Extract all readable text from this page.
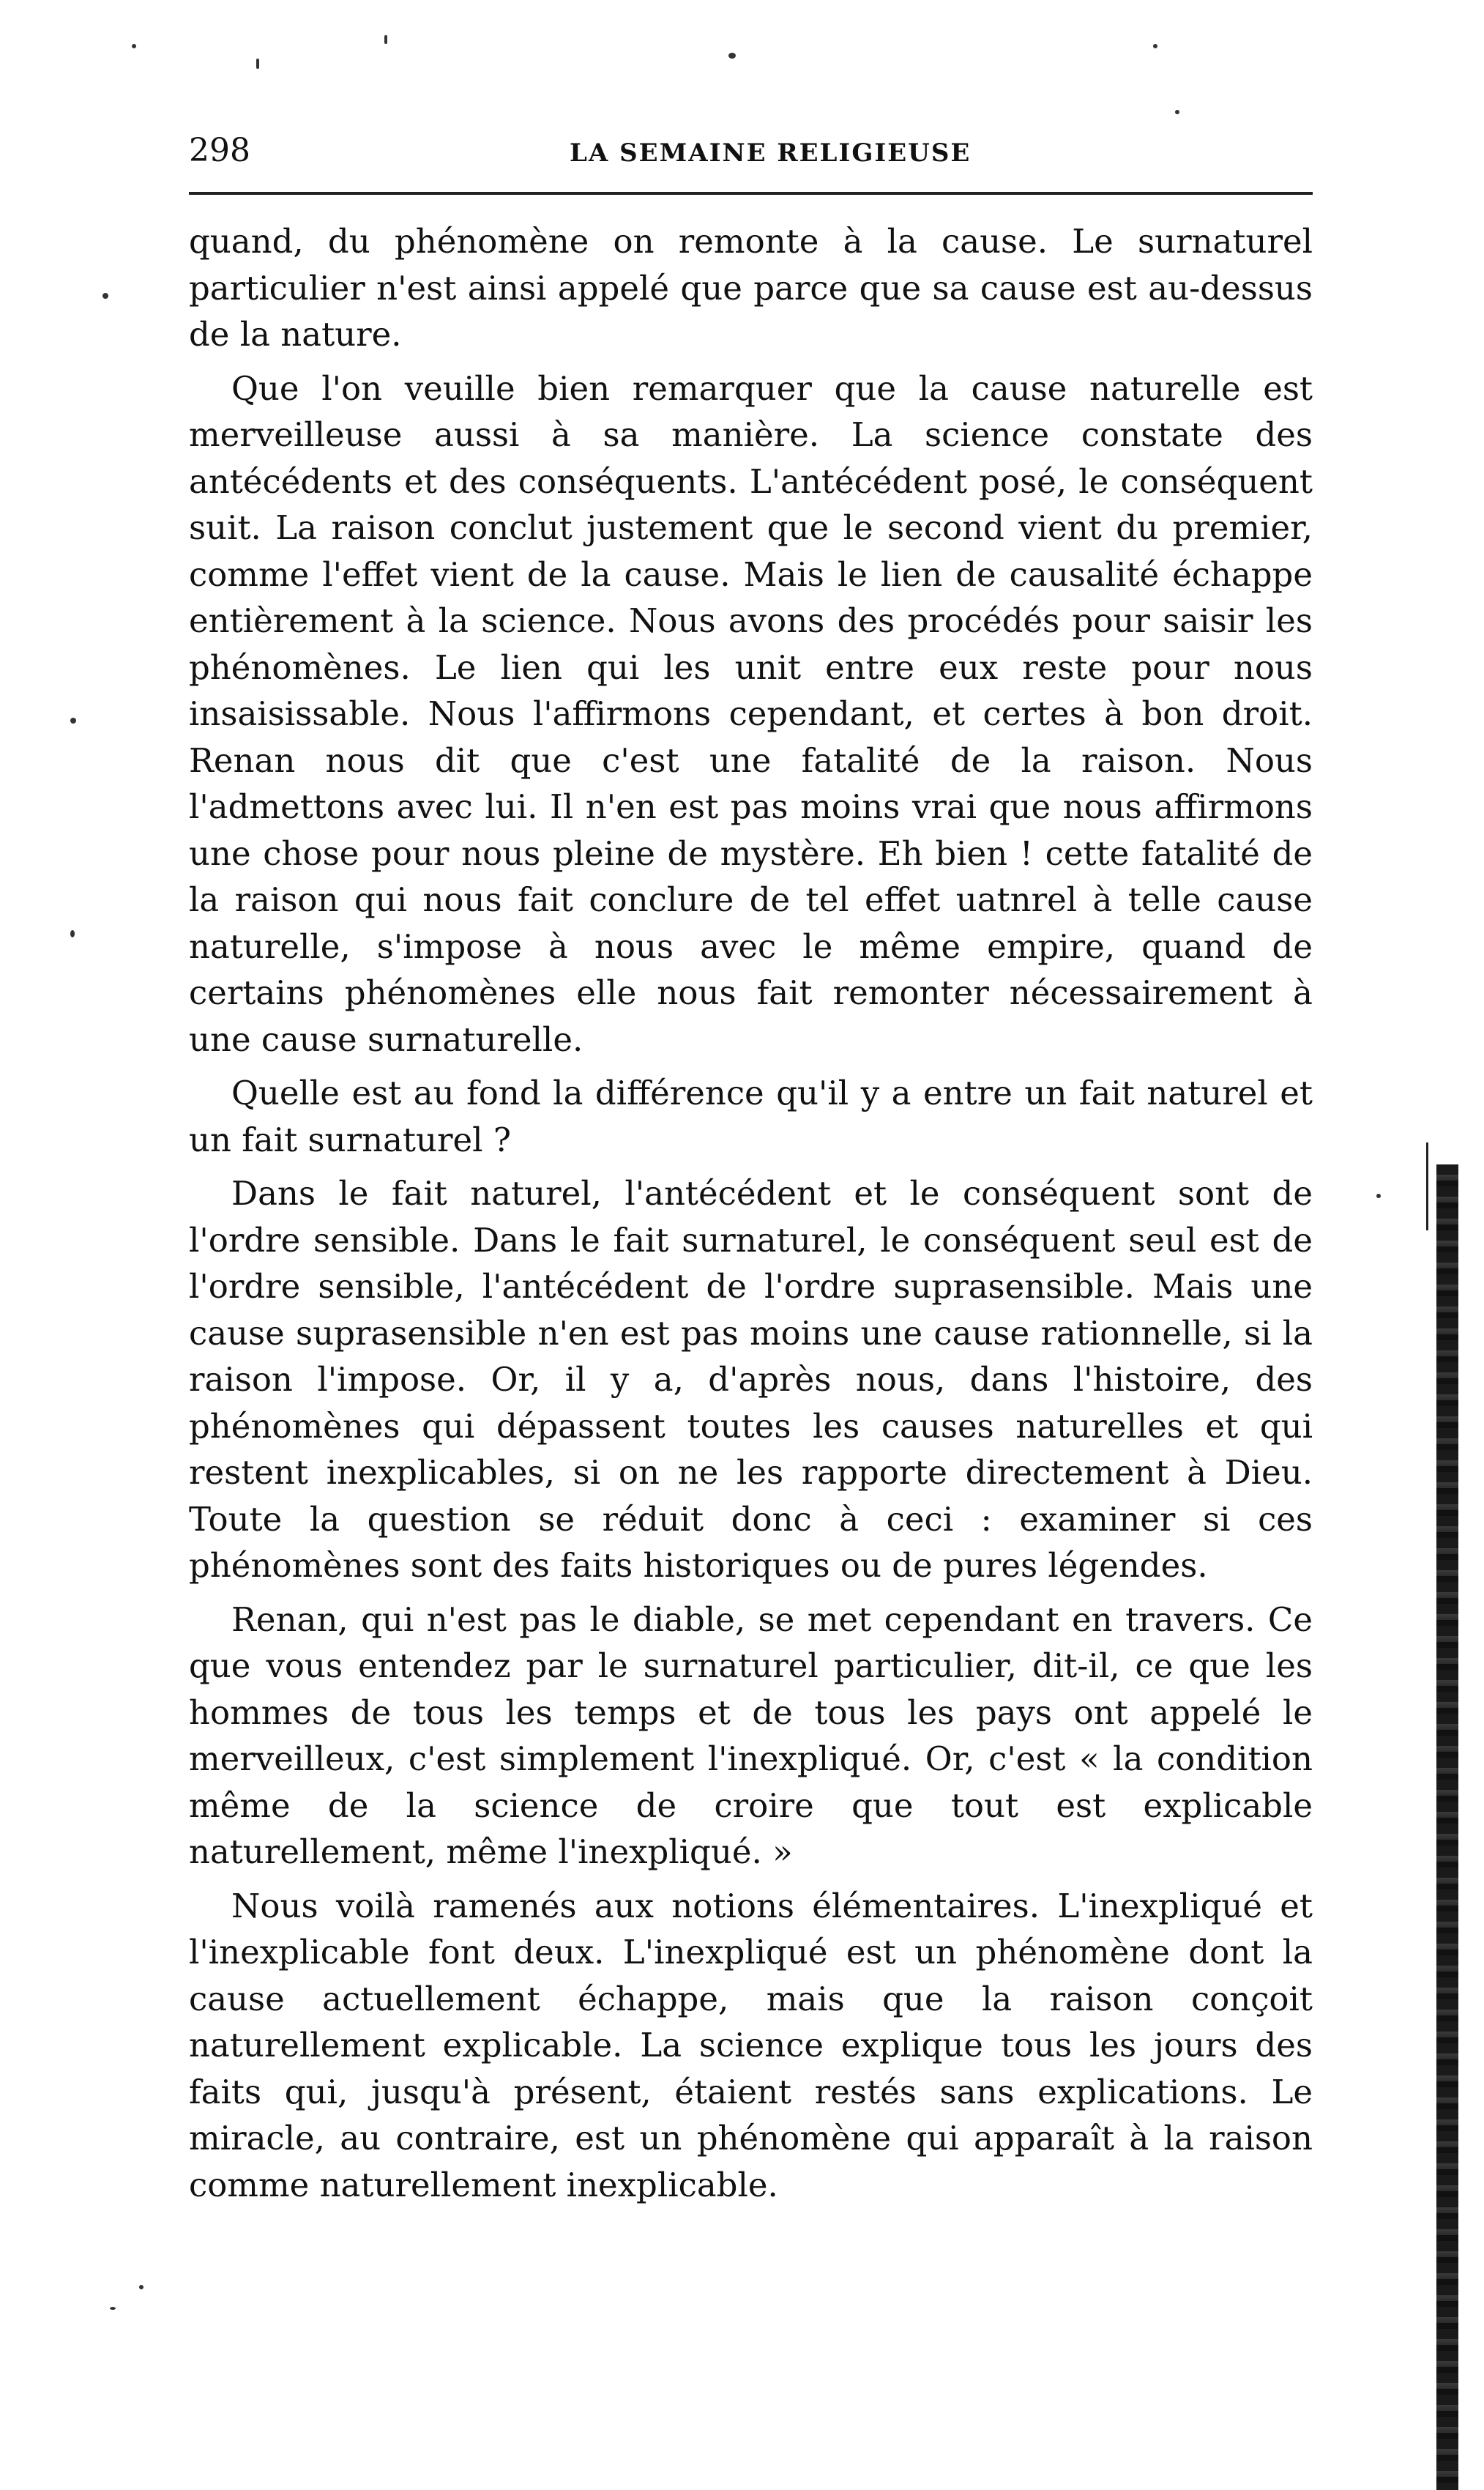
298	LA SEMAINE RELIGIEUSE

quand, du phénomène on remonte à la cause. Le surnaturel particulier n'est ainsi appelé que parce que sa cause est au-dessus de la nature.

Que l'on veuille bien remarquer que la cause naturelle est merveilleuse aussi à sa manière. La science constate des antécédents et des conséquents. L'antécédent posé, le conséquent suit. La raison conclut justement que le second vient du premier, comme l'effet vient de la cause. Mais le lien de causalité échappe entièrement à la science. Nous avons des procédés pour saisir les phénomènes. Le lien qui les unit entre eux reste pour nous insaisissable. Nous l'affirmons cependant, et certes à bon droit. Renan nous dit que c'est une fatalité de la raison. Nous l'admettons avec lui. Il n'en est pas moins vrai que nous affirmons une chose pour nous pleine de mystère. Eh bien ! cette fatalité de la raison qui nous fait conclure de tel effet uatnrel à telle cause naturelle, s'impose à nous avec le même empire, quand de certains phénomènes elle nous fait remonter nécessairement à une cause surnaturelle.

Quelle est au fond la différence qu'il y a entre un fait naturel et un fait surnaturel ?

Dans le fait naturel, l'antécédent et le conséquent sont de l'ordre sensible. Dans le fait surnaturel, le conséquent seul est de l'ordre sensible, l'antécédent de l'ordre suprasensible. Mais une cause suprasensible n'en est pas moins une cause rationnelle, si la raison l'impose. Or, il y a, d'après nous, dans l'histoire, des phénomènes qui dépassent toutes les causes naturelles et qui restent inexplicables, si on ne les rapporte directement à Dieu. Toute la question se réduit donc à ceci : examiner si ces phénomènes sont des faits historiques ou de pures légendes.

Renan, qui n'est pas le diable, se met cependant en travers. Ce que vous entendez par le surnaturel particulier, dit-il, ce que les hommes de tous les temps et de tous les pays ont appelé le merveilleux, c'est simplement l'inexpliqué. Or, c'est « la condition même de la science de croire que tout est explicable naturellement, même l'inexpliqué. »

Nous voilà ramenés aux notions élémentaires. L'inexpliqué et l'inexplicable font deux. L'inexpliqué est un phénomène dont la cause actuellement échappe, mais que la raison conçoit naturellement explicable. La science explique tous les jours des faits qui, jusqu'à présent, étaient restés sans explications. Le miracle, au contraire, est un phénomène qui apparaît à la raison comme naturellement inexplicable.
